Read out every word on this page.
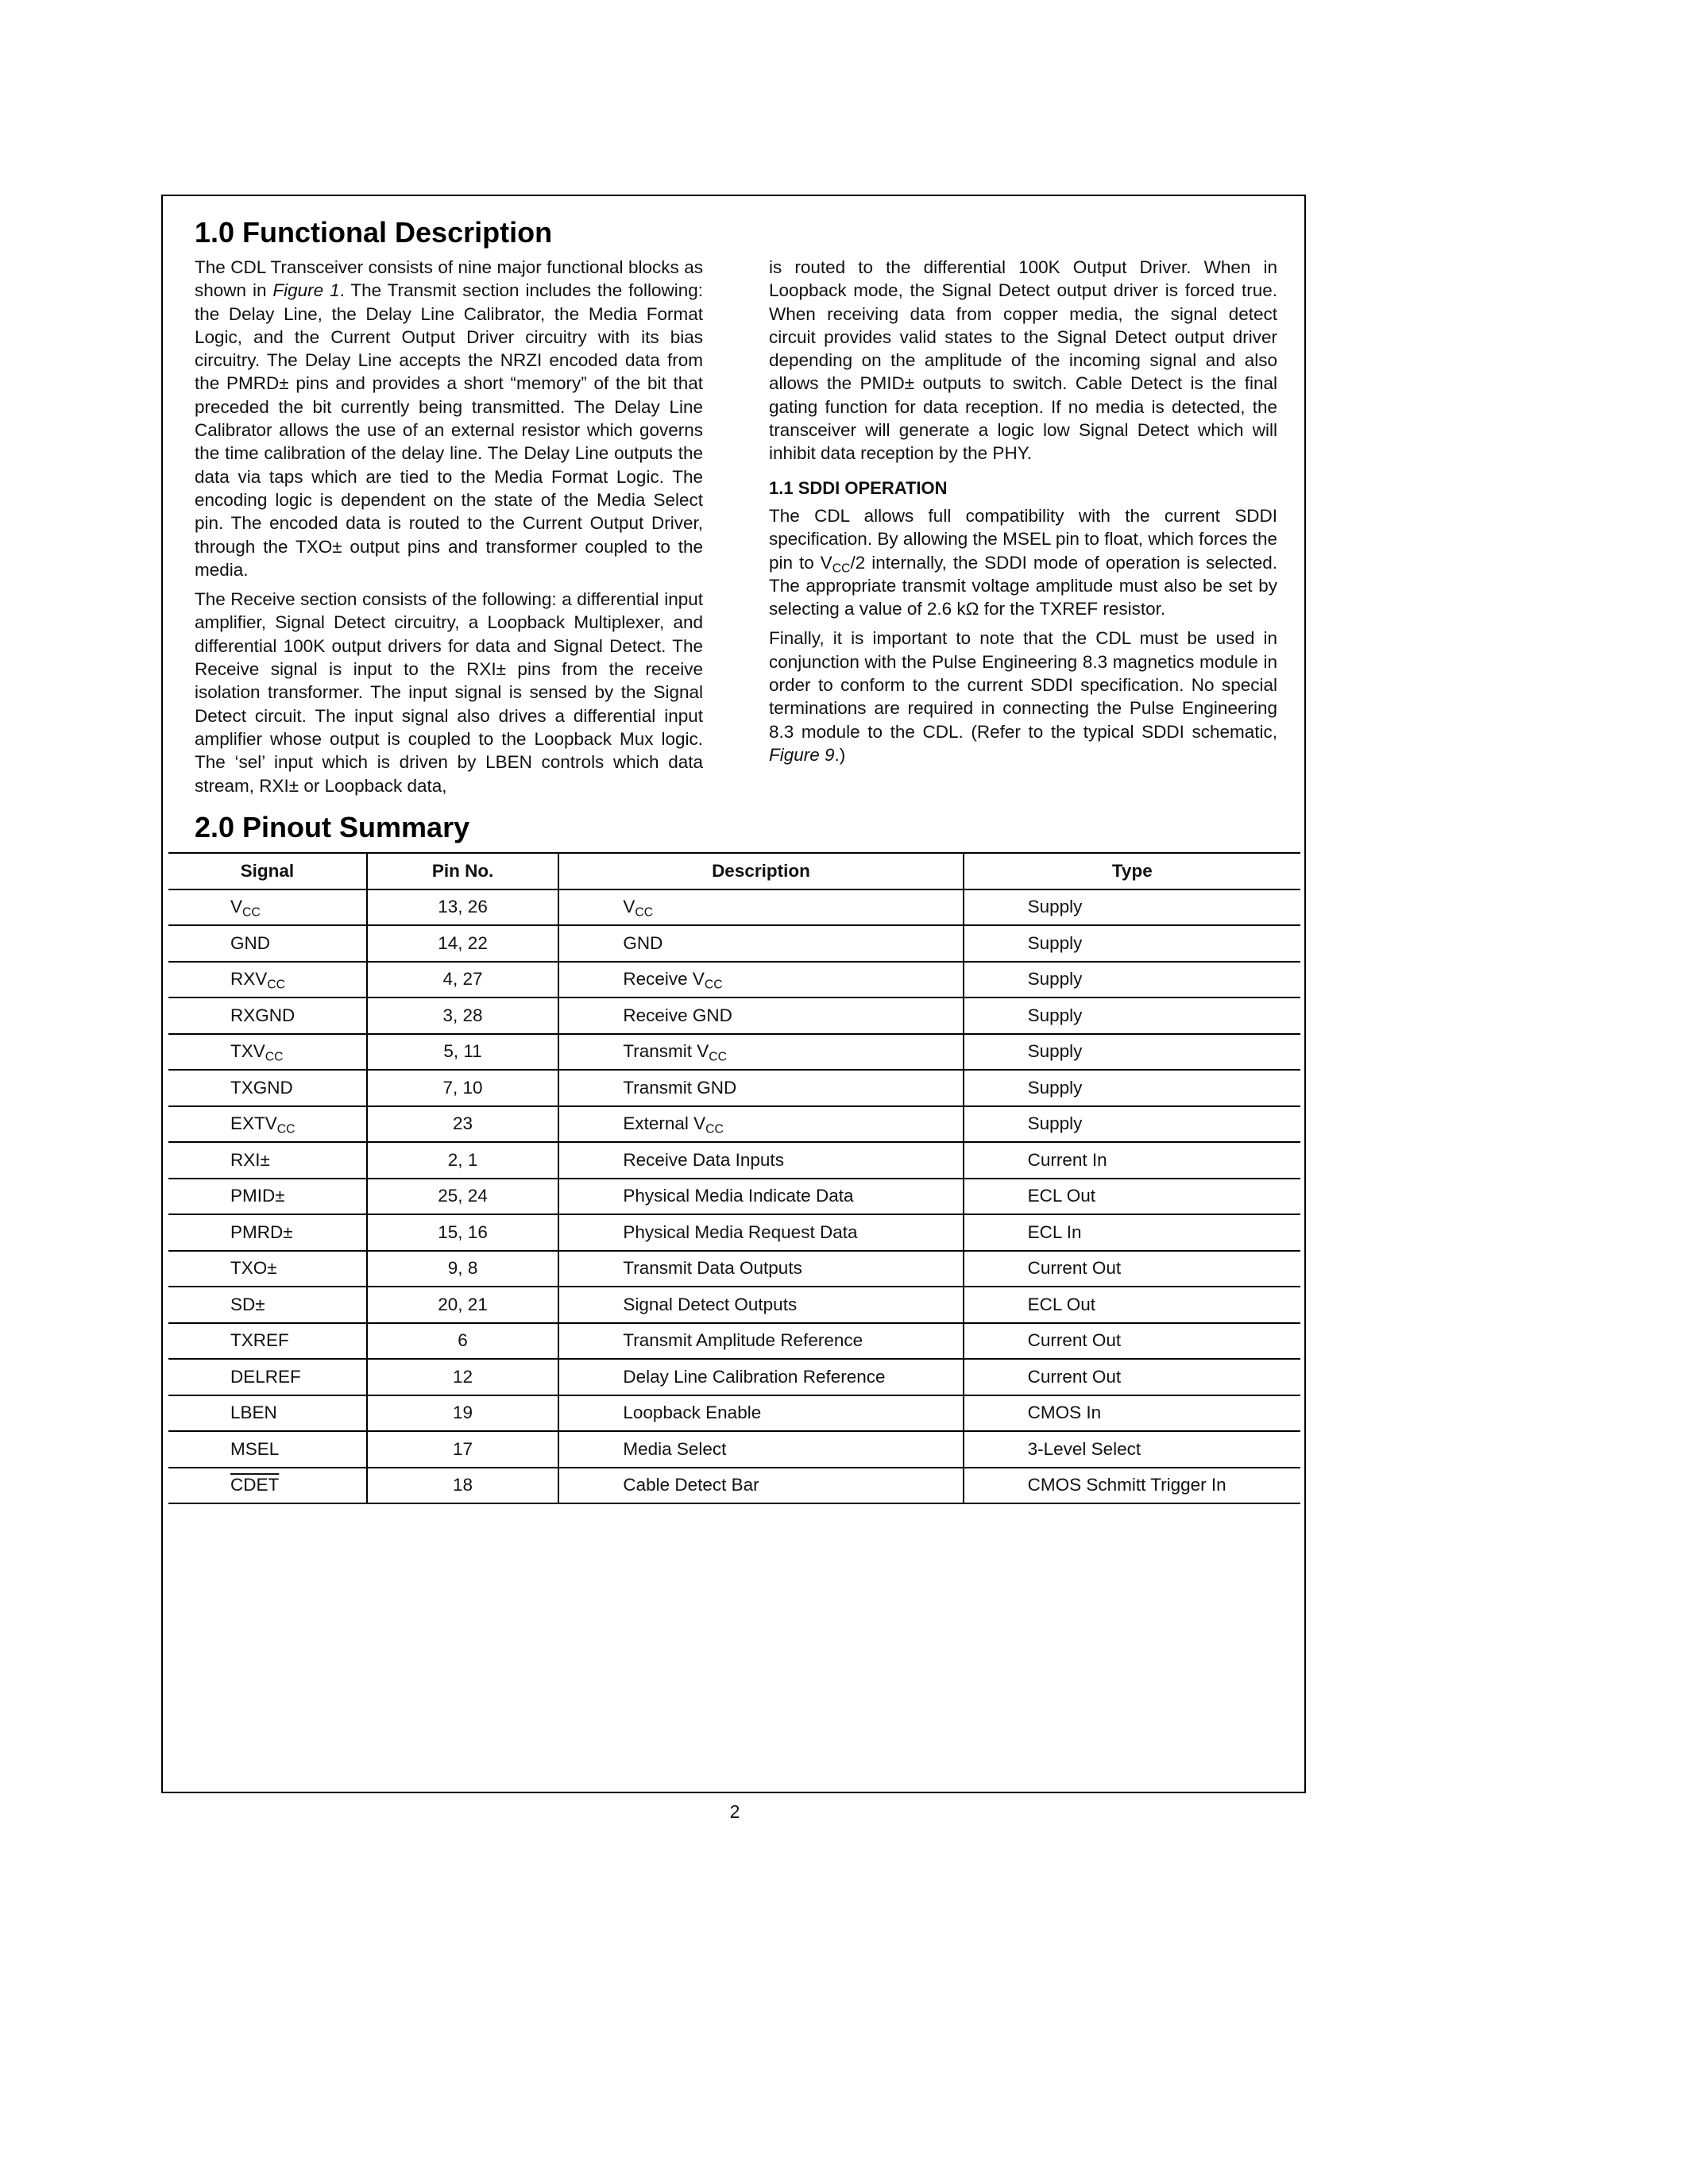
1.0 Functional Description

The CDL Transceiver consists of nine major functional blocks as shown in Figure 1. The Transmit section includes the following: the Delay Line, the Delay Line Calibrator, the Media Format Logic, and the Current Output Driver circuitry with its bias circuitry. The Delay Line accepts the NRZI encoded data from the PMRD± pins and provides a short “memory” of the bit that preceded the bit currently being transmitted. The Delay Line Calibrator allows the use of an external resistor which governs the time calibration of the delay line. The Delay Line outputs the data via taps which are tied to the Media Format Logic. The encoding logic is dependent on the state of the Media Select pin. The encoded data is routed to the Current Output Driver, through the TXO± output pins and transformer coupled to the media.

The Receive section consists of the following: a differential input amplifier, Signal Detect circuitry, a Loopback Multiplexer, and differential 100K output drivers for data and Signal Detect. The Receive signal is input to the RXI± pins from the receive isolation transformer. The input signal is sensed by the Signal Detect circuit. The input signal also drives a differential input amplifier whose output is coupled to the Loopback Mux logic. The ‘sel’ input which is driven by LBEN controls which data stream, RXI± or Loopback data,

is routed to the differential 100K Output Driver. When in Loopback mode, the Signal Detect output driver is forced true. When receiving data from copper media, the signal detect circuit provides valid states to the Signal Detect output driver depending on the amplitude of the incoming signal and also allows the PMID± outputs to switch. Cable Detect is the final gating function for data reception. If no media is detected, the transceiver will generate a logic low Signal Detect which will inhibit data reception by the PHY.

1.1 SDDI OPERATION

The CDL allows full compatibility with the current SDDI specification. By allowing the MSEL pin to float, which forces the pin to $V_{CC}/2$ internally, the SDDI mode of operation is selected. The appropriate transmit voltage amplitude must also be set by selecting a value of 2.6 kΩ for the TXREF resistor.

Finally, it is important to note that the CDL must be used in conjunction with the Pulse Engineering 8.3 magnetics module in order to conform to the current SDDI specification. No special terminations are required in connecting the Pulse Engineering 8.3 module to the CDL. (Refer to the typical SDDI schematic, Figure 9.)

2.0 Pinout Summary
Signal	Pin No.	Description	Type
$V_{CC}$	13, 26	$V_{CC}$	Supply
GND	14, 22	GND	Supply
$RXV_{CC}$	4, 27	Receive $V_{CC}$	Supply
RXGND	3, 28	Receive GND	Supply
$TXV_{CC}$	5, 11	Transmit $V_{CC}$	Supply
TXGND	7, 10	Transmit GND	Supply
$EXTV_{CC}$	23	External $V_{CC}$	Supply
RXI±	2, 1	Receive Data Inputs	Current In
PMID±	25, 24	Physical Media Indicate Data	ECL Out
PMRD±	15, 16	Physical Media Request Data	ECL In
TXO±	9, 8	Transmit Data Outputs	Current Out
SD±	20, 21	Signal Detect Outputs	ECL Out
TXREF	6	Transmit Amplitude Reference	Current Out
DELREF	12	Delay Line Calibration Reference	Current Out
LBEN	19	Loopback Enable	CMOS In
MSEL	17	Media Select	3-Level Select
CDET	18	Cable Detect Bar	CMOS Schmitt Trigger In
2
